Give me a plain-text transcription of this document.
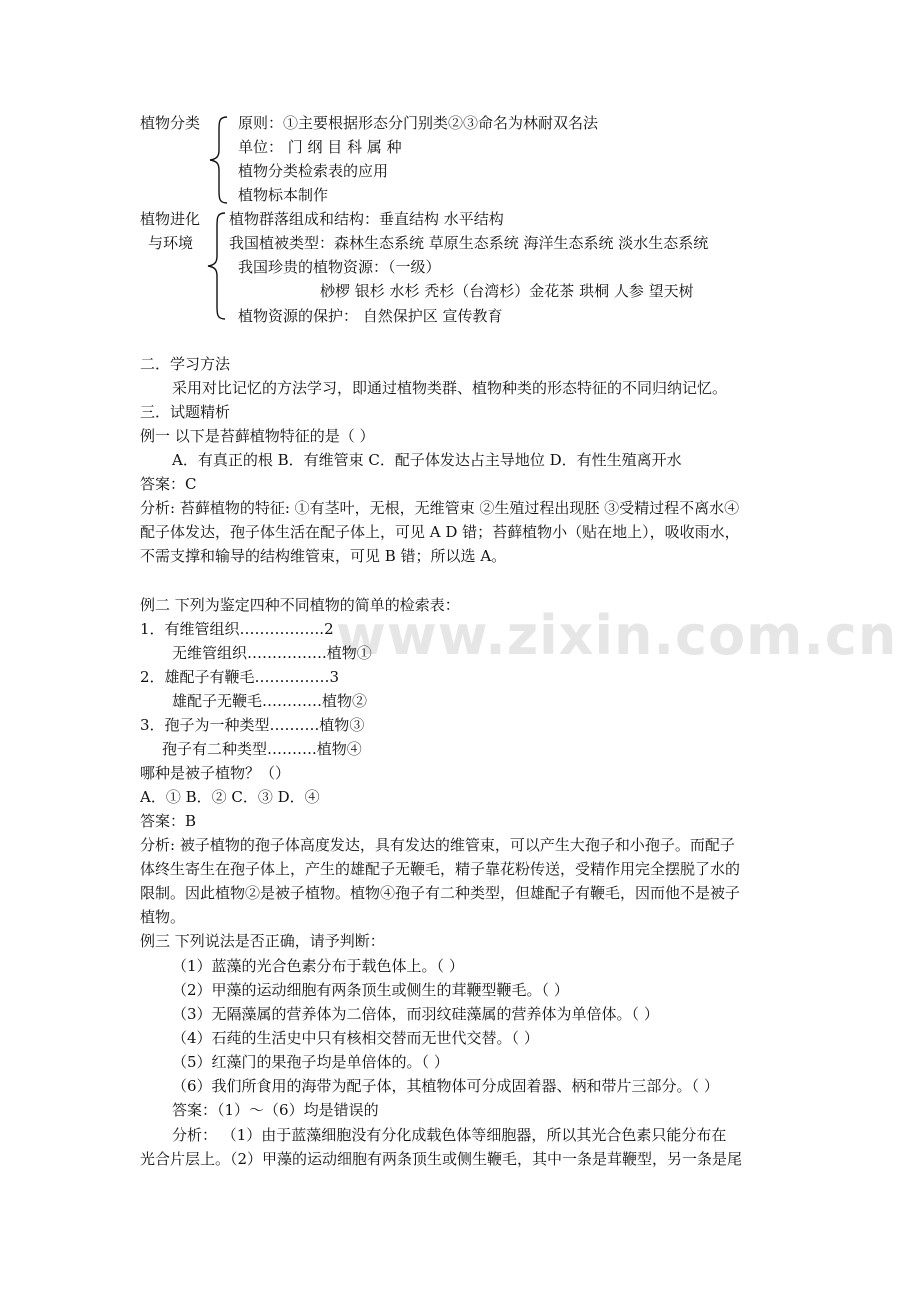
www.zixin.com.cn
植物分类	原则：①主要根据形态分门别类②③命名为林耐双名法
单位： 门 纲 目 科 属 种
植物分类检索表的应用
植物标本制作
植物进化
与环境
植物群落组成和结构：垂直结构 水平结构
我国植被类型：森林生态系统 草原生态系统 海洋生态系统 淡水生态系统
我国珍贵的植物资源：（一级）
桫椤 银杉 水杉 秃杉（台湾杉）金花茶 珙桐 人参 望天树
植物资源的保护： 自然保护区 宣传教育
二．学习方法
采用对比记忆的方法学习，即通过植物类群、植物种类的形态特征的不同归纳记忆。
三．试题精析
例一 以下是苔藓植物特征的是（ ）
A．有真正的根 B．有维管束 C．配子体发达占主导地位 D．有性生殖离开水
答案：C
分析: 苔藓植物的特征: ①有茎叶，无根，无维管束 ②生殖过程出现胚 ③受精过程不离水④
配子体发达，孢子体生活在配子体上，可见 A D 错；苔藓植物小（贴在地上），吸收雨水，
不需支撑和输导的结构维管束，可见 B 错；所以选 A。
例二 下列为鉴定四种不同植物的简单的检索表：
1．有维管组织……………..2
无维管组织…………….植物①
2．雄配子有鞭毛……………3
雄配子无鞭毛…………植物②
3．孢子为一种类型……….植物③
孢子有二种类型……….植物④
哪种是被子植物？（）
A．① B．② C．③ D．④
答案：B
分析: 被子植物的孢子体高度发达，具有发达的维管束，可以产生大孢子和小孢子。而配子
体终生寄生在孢子体上，产生的雄配子无鞭毛，精子靠花粉传送，受精作用完全摆脱了水的
限制。因此植物②是被子植物。植物④孢子有二种类型，但雄配子有鞭毛，因而他不是被子
植物。
例三 下列说法是否正确，请予判断：
（1）蓝藻的光合色素分布于载色体上。（ ）
（2）甲藻的运动细胞有两条顶生或侧生的茸鞭型鞭毛。（ ）
（3）无隔藻属的营养体为二倍体，而羽纹硅藻属的营养体为单倍体。（ ）
（4）石莼的生活史中只有核相交替而无世代交替。（ ）
（5）红藻门的果孢子均是单倍体的。（ ）
（6）我们所食用的海带为配子体，其植物体可分成固着器、柄和带片三部分。（ ）
答案：（1）～（6）均是错误的
分析： （1）由于蓝藻细胞没有分化成载色体等细胞器，所以其光合色素只能分布在
光合片层上。（2）甲藻的运动细胞有两条顶生或侧生鞭毛，其中一条是茸鞭型，另一条是尾
